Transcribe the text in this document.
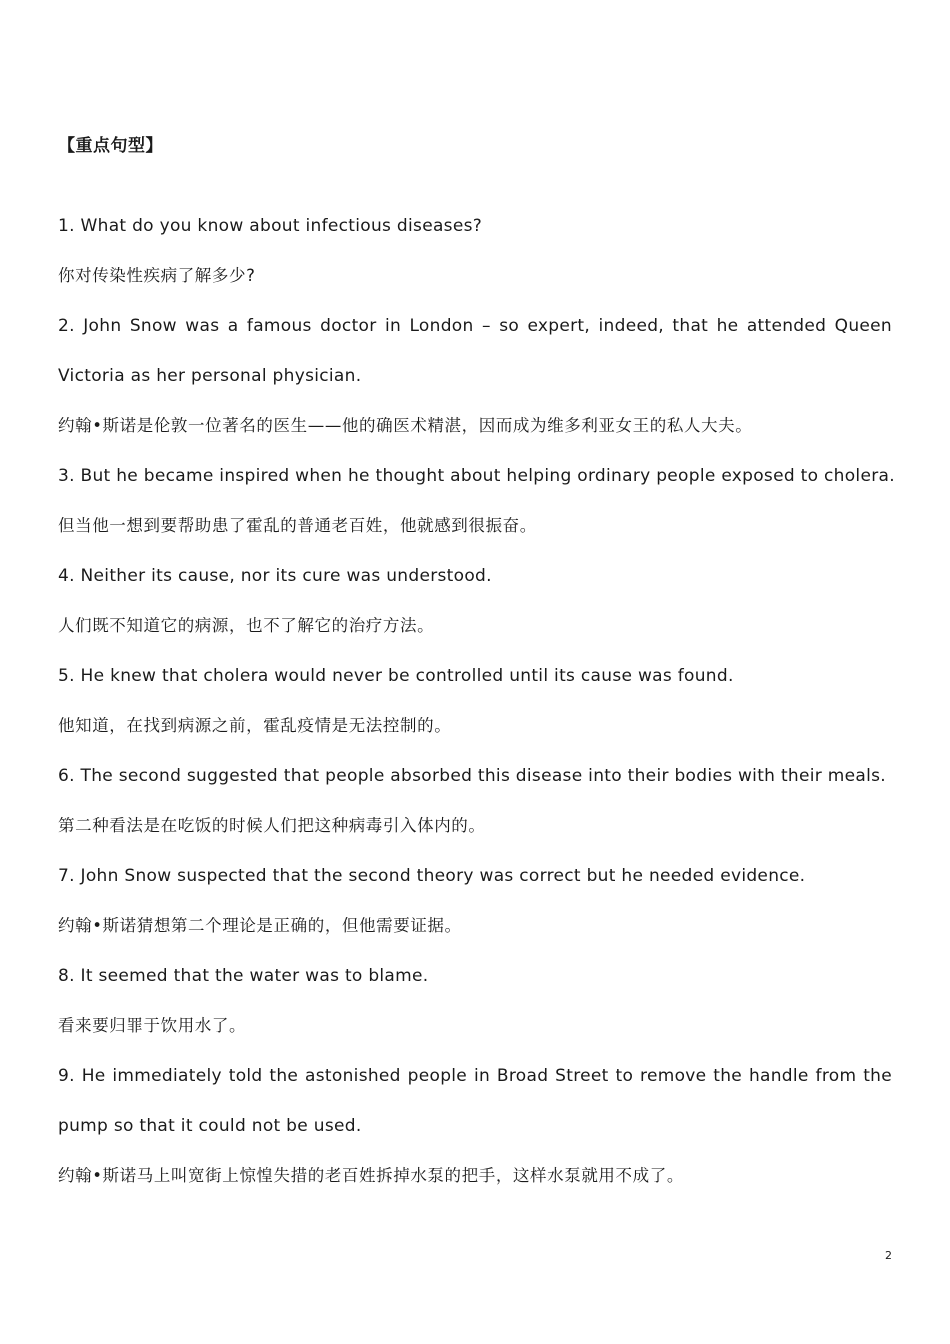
【重点句型】
1. What do you know about infectious diseases?
你对传染性疾病了解多少?
2. John Snow was a famous doctor in London – so expert, indeed, that he attended Queen
Victoria as her personal physician.
约翰•斯诺是伦敦一位著名的医生——他的确医术精湛，因而成为维多利亚女王的私人大夫。
3. But he became inspired when he thought about helping ordinary people exposed to cholera.
但当他一想到要帮助患了霍乱的普通老百姓，他就感到很振奋。
4. Neither its cause, nor its cure was understood.
人们既不知道它的病源，也不了解它的治疗方法。
5. He knew that cholera would never be controlled until its cause was found.
他知道，在找到病源之前，霍乱疫情是无法控制的。
6. The second suggested that people absorbed this disease into their bodies with their meals.
第二种看法是在吃饭的时候人们把这种病毒引入体内的。
7. John Snow suspected that the second theory was correct but he needed evidence.
约翰•斯诺猜想第二个理论是正确的，但他需要证据。
8. It seemed that the water was to blame.
看来要归罪于饮用水了。
9. He immediately told the astonished people in Broad Street to remove the handle from the
pump so that it could not be used.
约翰•斯诺马上叫宽街上惊惶失措的老百姓拆掉水泵的把手，这样水泵就用不成了。
2
